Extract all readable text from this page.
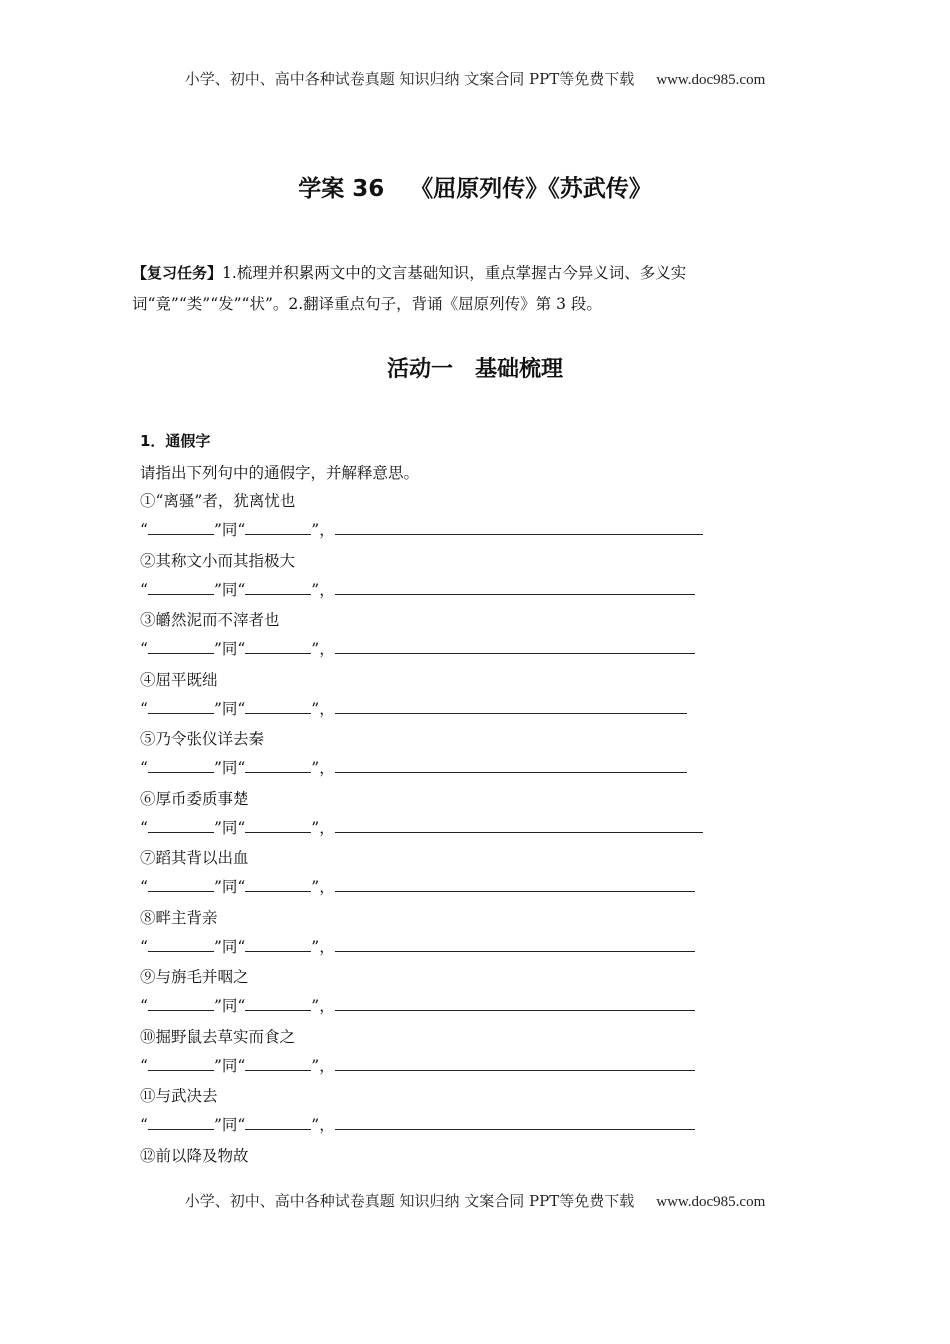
小学、初中、高中各种试卷真题 知识归纳 文案合同 PPT等免费下载 www.doc985.com
学案 36 《屈原列传》《苏武传》
【复习任务】1.梳理并积累两文中的文言基础知识，重点掌握古今异义词、多义实词“竟”“类”“发”“状”。2.翻译重点句子，背诵《屈原列传》第 3 段。
活动一 基础梳理
1．通假字
请指出下列句中的通假字，并解释意思。
①“离骚”者，犹离忧也
“	”同“	”，
②其称文小而其指极大
“	”同“	”，
③皭然泥而不滓者也
“	”同“	”，
④屈平既绌
“	”同“	”，
⑤乃令张仪详去秦
“	”同“	”，
⑥厚币委质事楚
“	”同“	”，
⑦蹈其背以出血
“	”同“	”，
⑧畔主背亲
“	”同“	”，
⑨与旃毛并咽之
“	”同“	”，
⑩掘野鼠去草实而食之
“	”同“	”，
⑪与武决去
“	”同“	”，
⑫前以降及物故
小学、初中、高中各种试卷真题 知识归纳 文案合同 PPT等免费下载 www.doc985.com
